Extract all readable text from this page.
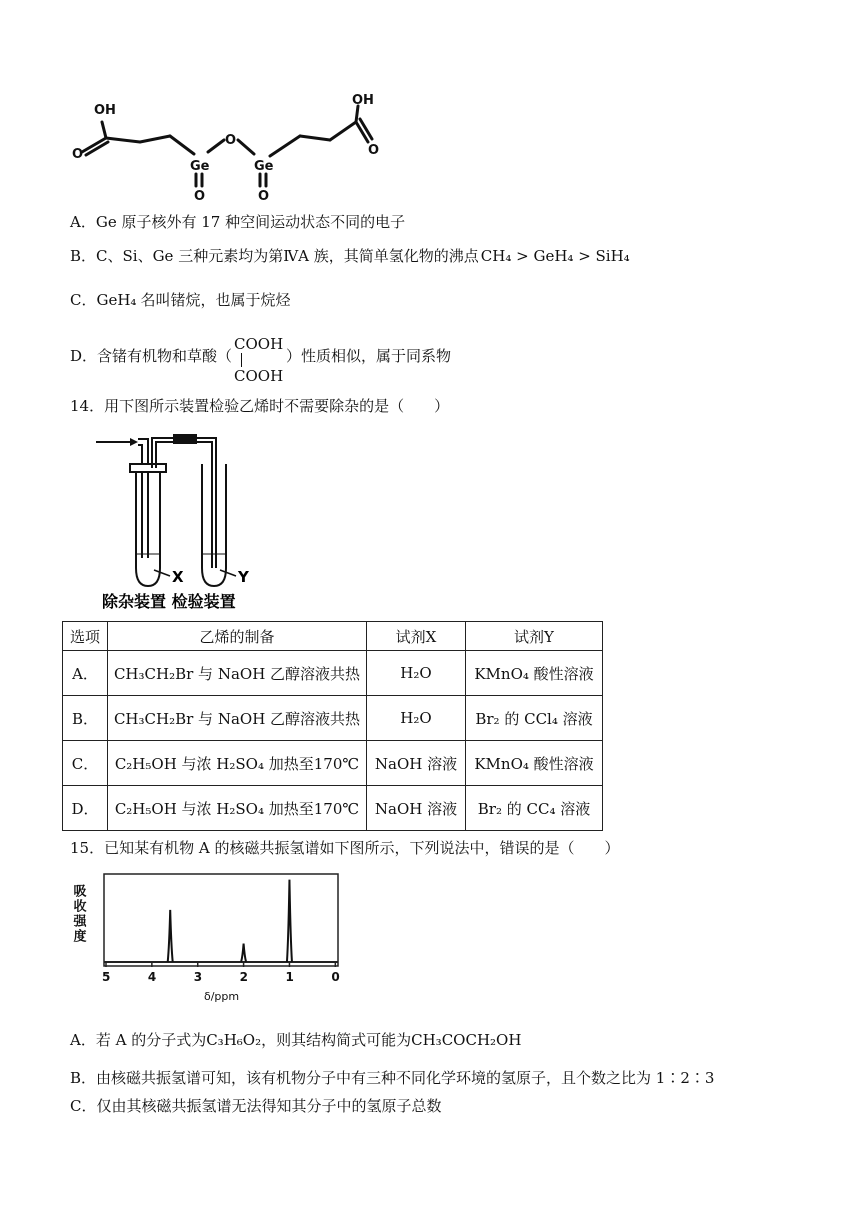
OH
O
Ge
O
O
Ge
O
OH
O
A．Ge 原子核外有 17 种空间运动状态不同的电子
B．C、Si、Ge 三种元素均为第ⅣA 族，其简单氢化物的沸点 CH₄ > GeH₄ > SiH₄
C．GeH₄ 名叫锗烷，也属于烷烃
D．含锗有机物和草酸（	）性质相似，属于同系物
COOH
COOH
14．用下图所示装置检验乙烯时不需要除杂的是（　　）
X	Y
除杂装置 检验装置
选项	乙烯的制备	试剂X	试剂Y
A．	CH₃CH₂Br 与 NaOH 乙醇溶液共热	H₂O	KMnO₄ 酸性溶液
B．	CH₃CH₂Br 与 NaOH 乙醇溶液共热	H₂O	Br₂ 的 CCl₄ 溶液
C．	C₂H₅OH 与浓 H₂SO₄ 加热至170℃	NaOH 溶液	KMnO₄ 酸性溶液
D．	C₂H₅OH 与浓 H₂SO₄ 加热至170℃	NaOH 溶液	Br₂ 的 CC₄ 溶液
15．已知某有机物 A 的核磁共振氢谱如下图所示，下列说法中，错误的是（　　）
吸收强度
5	4	3	2	1	0
δ/ppm
A．若 A 的分子式为C₃H₆O₂，则其结构简式可能为CH₃COCH₂OH
B．由核磁共振氢谱可知，该有机物分子中有三种不同化学环境的氢原子，且个数之比为 1∶2∶3
C．仅由其核磁共振氢谱无法得知其分子中的氢原子总数
